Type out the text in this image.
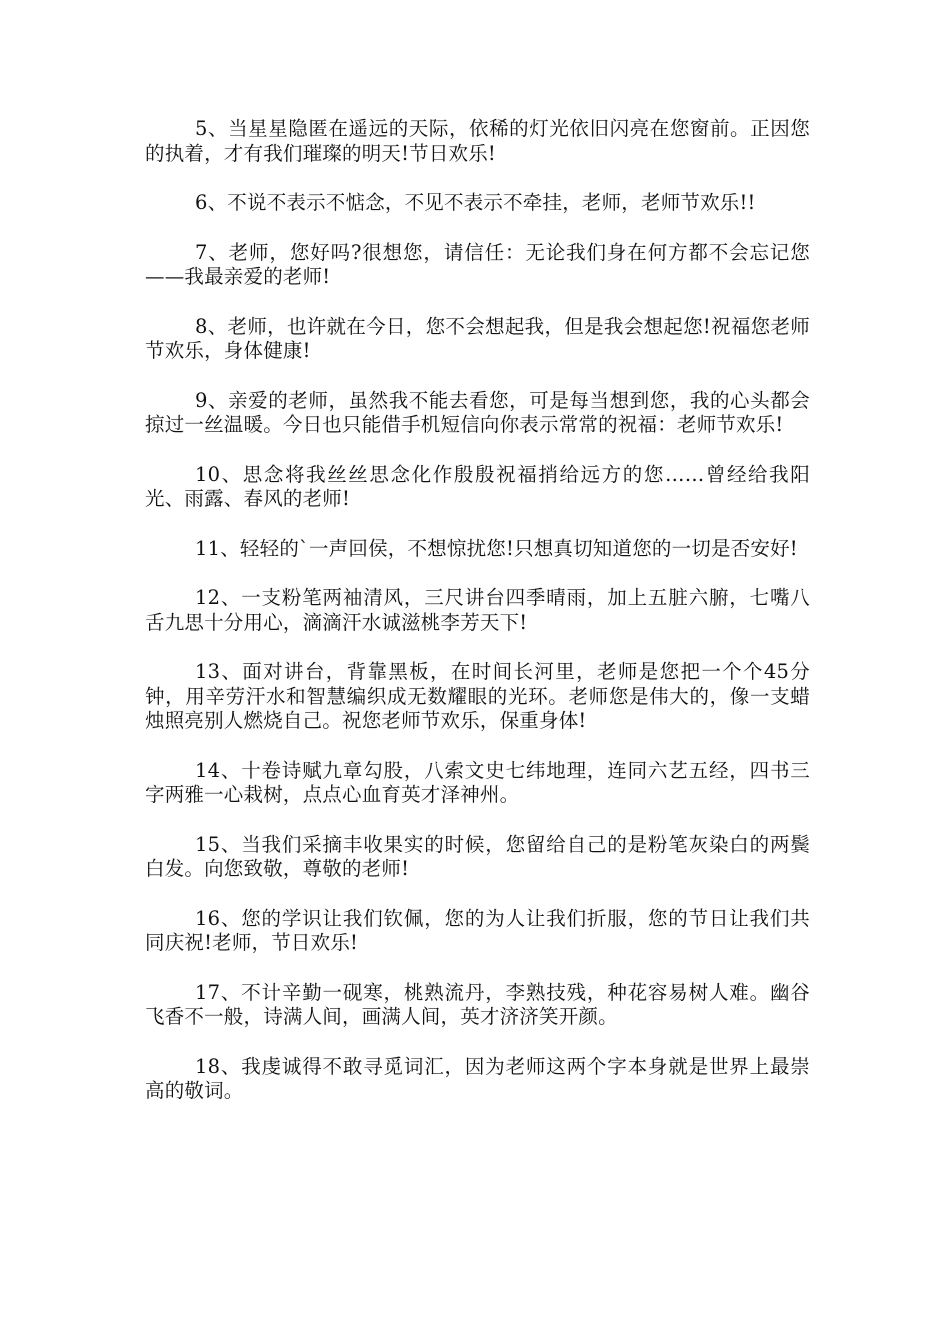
5、当星星隐匿在遥远的天际，依稀的灯光依旧闪亮在您窗前。正因您的执着，才有我们璀璨的明天!节日欢乐!

6、不说不表示不惦念，不见不表示不牵挂，老师，老师节欢乐!!

7、老师，您好吗?很想您，请信任：无论我们身在何方都不会忘记您——我最亲爱的老师!

8、老师，也许就在今日，您不会想起我，但是我会想起您!祝福您老师节欢乐，身体健康!

9、亲爱的老师，虽然我不能去看您，可是每当想到您，我的心头都会掠过一丝温暖。今日也只能借手机短信向你表示常常的祝福：老师节欢乐!

10、思念将我丝丝思念化作殷殷祝福捎给远方的您……曾经给我阳光、雨露、春风的老师!

11、轻轻的`一声回侯，不想惊扰您!只想真切知道您的一切是否安好!

12、一支粉笔两袖清风，三尺讲台四季晴雨，加上五脏六腑，七嘴八舌九思十分用心，滴滴汗水诚滋桃李芳天下!

13、面对讲台，背靠黑板，在时间长河里，老师是您把一个个45分钟，用辛劳汗水和智慧编织成无数耀眼的光环。老师您是伟大的，像一支蜡烛照亮别人燃烧自己。祝您老师节欢乐，保重身体!

14、十卷诗赋九章勾股，八索文史七纬地理，连同六艺五经，四书三字两雅一心栽树，点点心血育英才泽神州。

15、当我们采摘丰收果实的时候，您留给自己的是粉笔灰染白的两鬓白发。向您致敬，尊敬的老师!

16、您的学识让我们钦佩，您的为人让我们折服，您的节日让我们共同庆祝!老师，节日欢乐!

17、不计辛勤一砚寒，桃熟流丹，李熟技残，种花容易树人难。幽谷飞香不一般，诗满人间，画满人间，英才济济笑开颜。

18、我虔诚得不敢寻觅词汇，因为老师这两个字本身就是世界上最崇高的敬词。
